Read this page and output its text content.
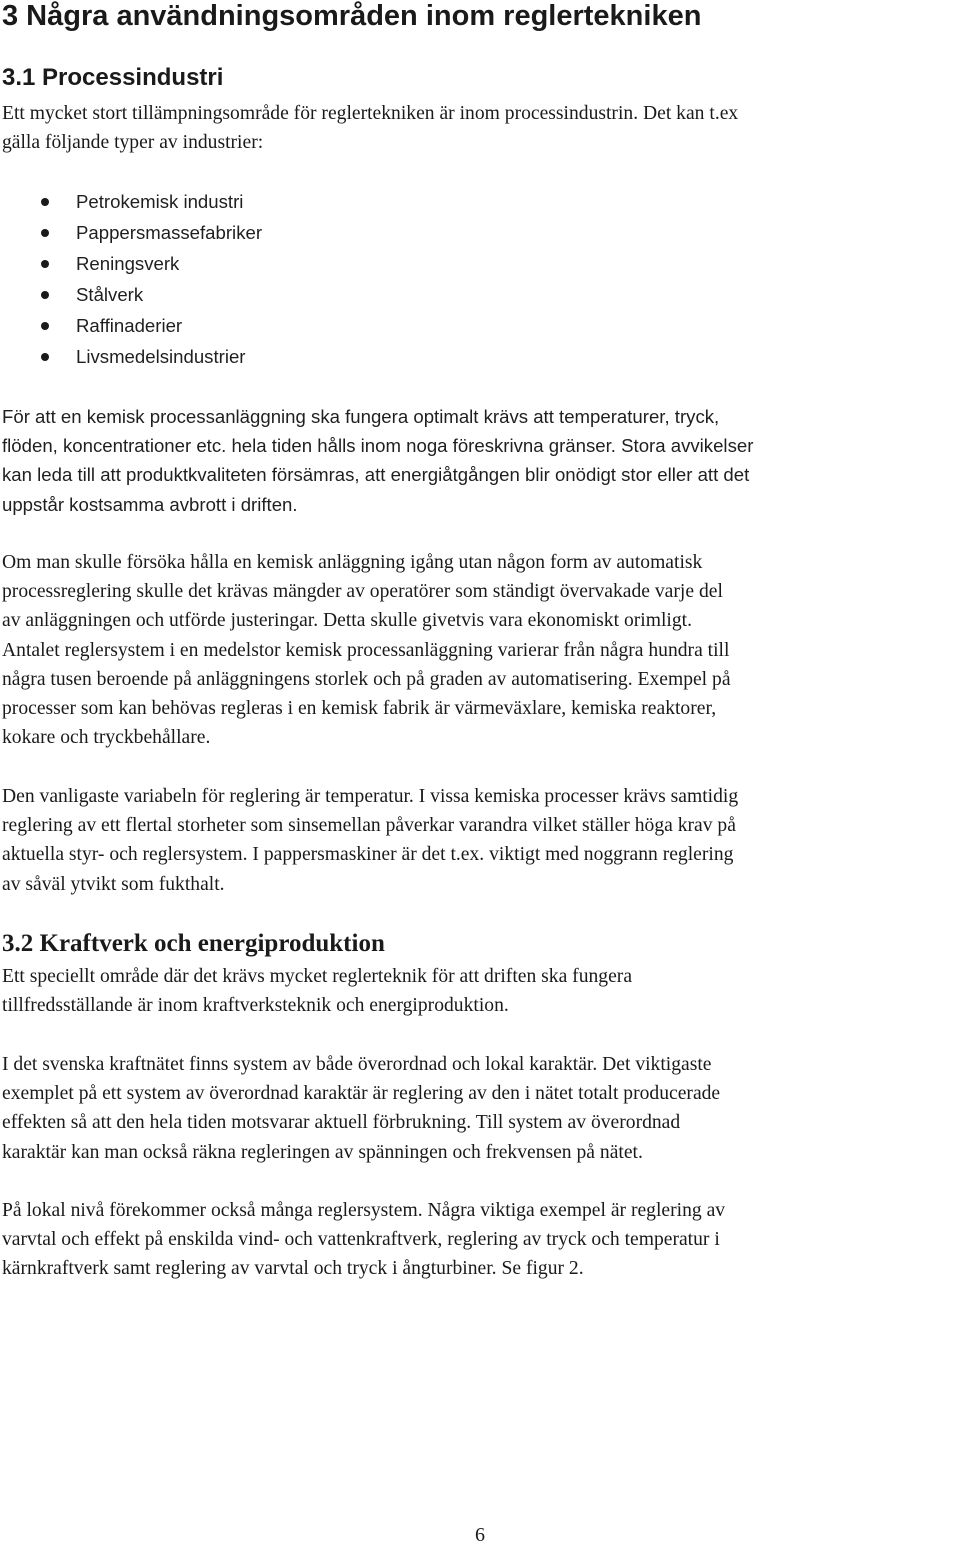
3 Några användningsområden inom reglertekniken
3.1 Processindustri

Ett mycket stort tillämpningsområde för reglertekniken är inom processindustrin. Det kan t.ex
gälla följande typer av industrier:

Petrokemisk industri
Pappersmassefabriker
Reningsverk
Stålverk
Raffinaderier
Livsmedelsindustrier

För att en kemisk processanläggning ska fungera optimalt krävs att temperaturer, tryck,
flöden, koncentrationer etc. hela tiden hålls inom noga föreskrivna gränser. Stora avvikelser
kan leda till att produktkvaliteten försämras, att energiåtgången blir onödigt stor eller att det
uppstår kostsamma avbrott i driften.

Om man skulle försöka hålla en kemisk anläggning igång utan någon form av automatisk
processreglering skulle det krävas mängder av operatörer som ständigt övervakade varje del
av anläggningen och utförde justeringar. Detta skulle givetvis vara ekonomiskt orimligt.
Antalet reglersystem i en medelstor kemisk processanläggning varierar från några hundra till
några tusen beroende på anläggningens storlek och på graden av automatisering. Exempel på
processer som kan behövas regleras i en kemisk fabrik är värmeväxlare, kemiska reaktorer,
kokare och tryckbehållare.

Den vanligaste variabeln för reglering är temperatur. I vissa kemiska processer krävs samtidig
reglering av ett flertal storheter som sinsemellan påverkar varandra vilket ställer höga krav på
aktuella styr- och reglersystem. I pappersmaskiner är det t.ex. viktigt med noggrann reglering
av såväl ytvikt som fukthalt.

3.2 Kraftverk och energiproduktion

Ett speciellt område där det krävs mycket reglerteknik för att driften ska fungera
tillfredsställande är inom kraftverksteknik och energiproduktion.

I det svenska kraftnätet finns system av både överordnad och lokal karaktär. Det viktigaste
exemplet på ett system av överordnad karaktär är reglering av den i nätet totalt producerade
effekten så att den hela tiden motsvarar aktuell förbrukning. Till system av överordnad
karaktär kan man också räkna regleringen av spänningen och frekvensen på nätet.

På lokal nivå förekommer också många reglersystem. Några viktiga exempel är reglering av
varvtal och effekt på enskilda vind- och vattenkraftverk, reglering av tryck och temperatur i
kärnkraftverk samt reglering av varvtal och tryck i ångturbiner. Se figur 2.

6
